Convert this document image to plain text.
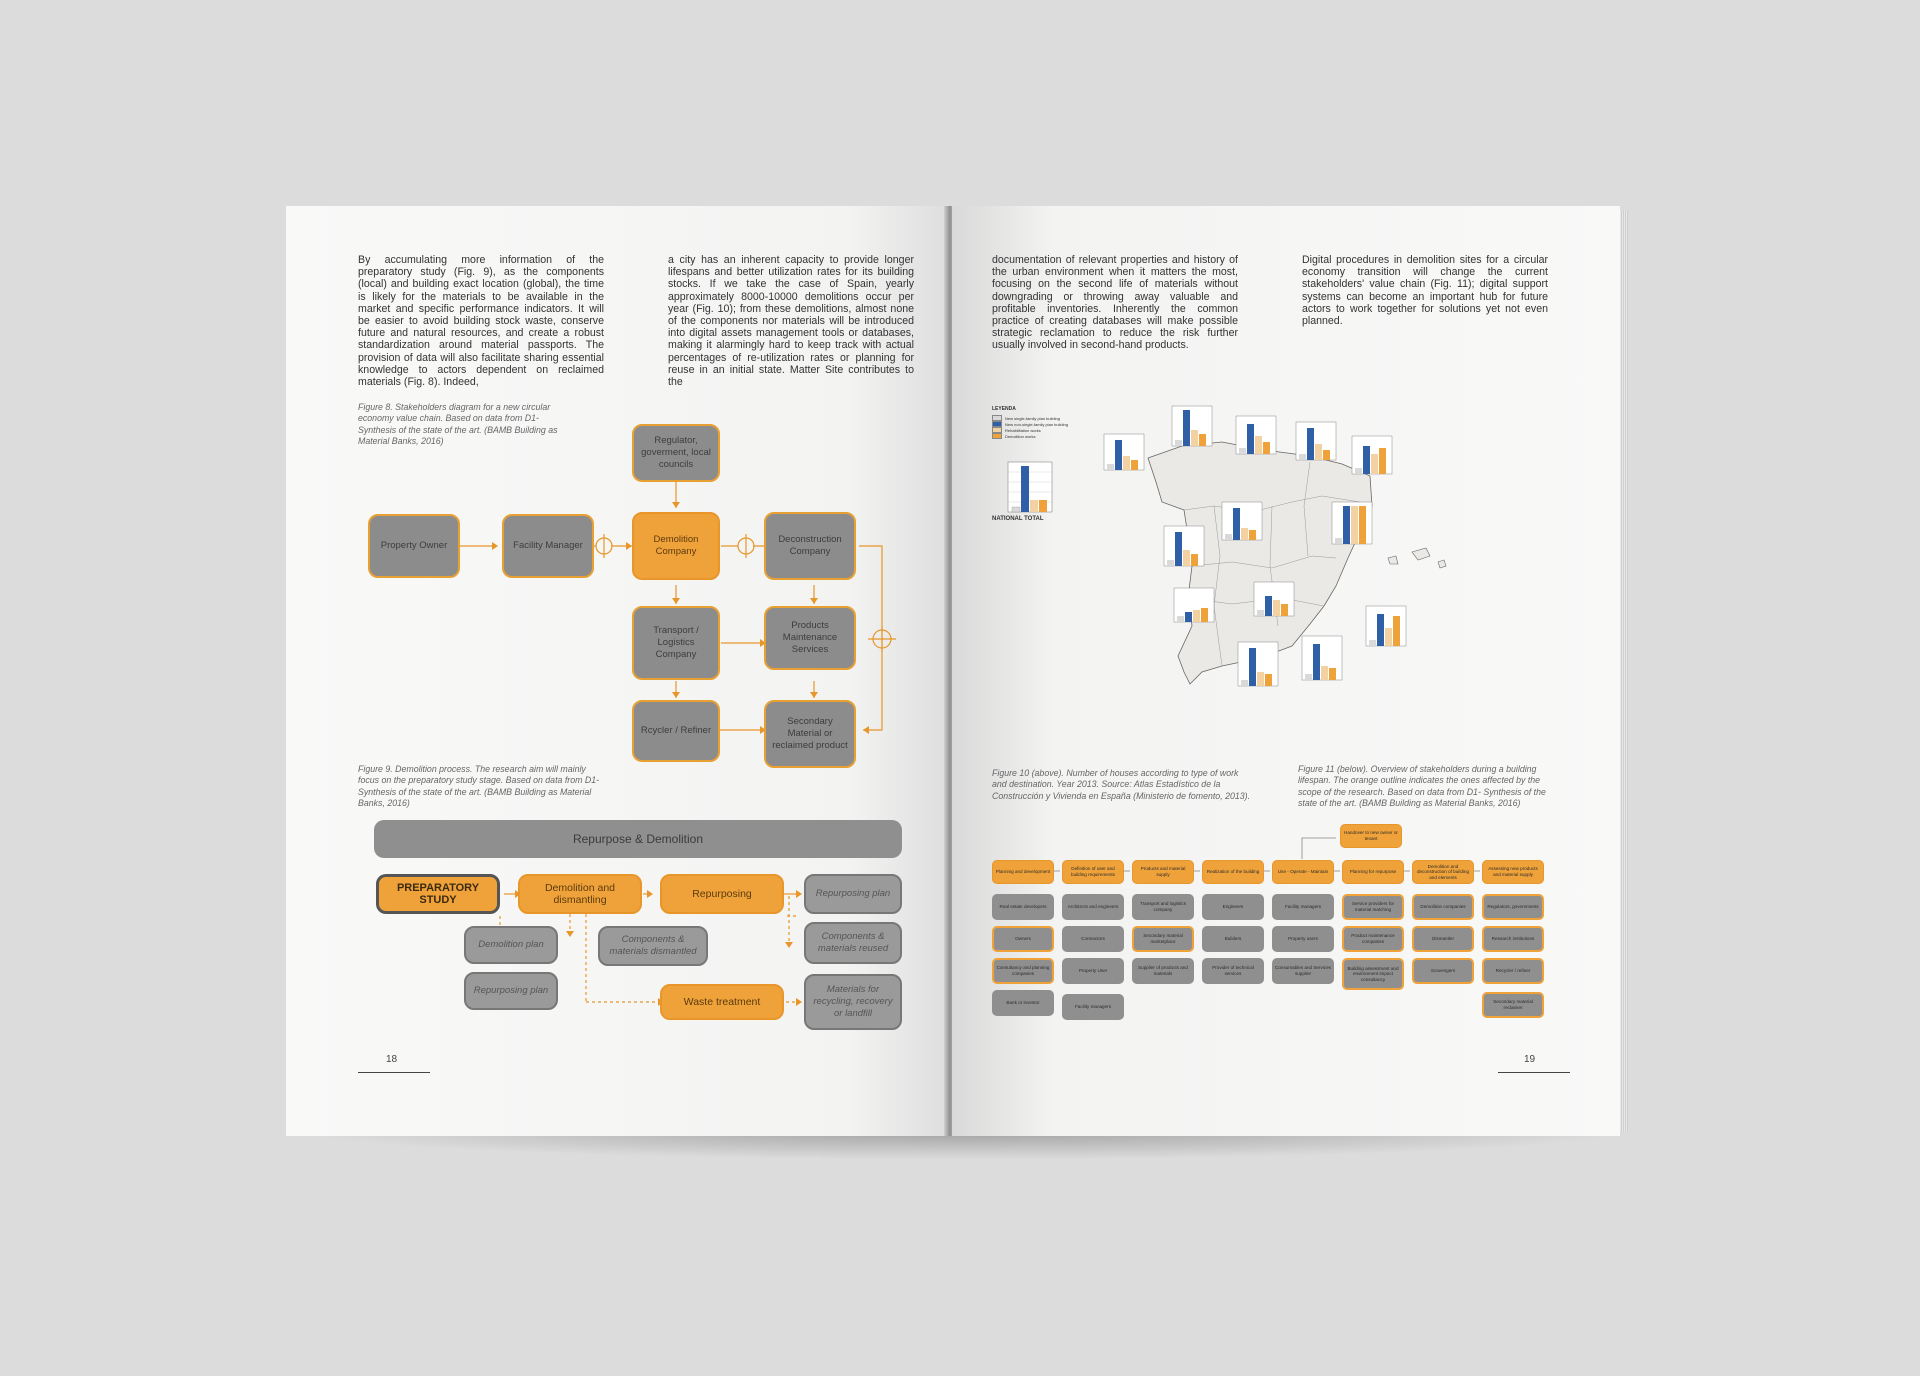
By accumulating more information of the preparatory study (Fig. 9), as the components (local) and building exact location (global), the time is likely for the materials to be available in the market and specific performance indicators. It will be easier to avoid building stock waste, conserve future and natural resources, and create a robust standardization around material passports. The provision of data will also facilitate sharing essential knowledge to actors dependent on reclaimed materials (Fig. 8). Indeed,
a city has an inherent capacity to provide longer lifespans and better utilization rates for its building stocks. If we take the case of Spain, yearly approximately 8000-10000 demolitions occur per year (Fig. 10); from these demolitions, almost none of the components nor materials will be introduced into digital assets management tools or databases, making it alarmingly hard to keep track with actual percentages of re-utilization rates or planning for reuse in an initial state. Matter Site contributes to the
Figure 8. Stakeholders diagram for a new circular economy value chain. Based on data from D1- Synthesis of the state of the art. (BAMB Building as Material Banks, 2016)	Regulator, goverment, local councils
Property Owner	Facility Manager
Demolition Company
Deconstruction Company
Transport / Logistics Company
Products Maintenance Services
Rcycler / Refiner
Secondary Material or reclaimed product
Figure 9. Demolition process. The research aim will mainly focus on the preparatory study stage. Based on data from D1- Synthesis of the state of the art. (BAMB Building as Material Banks, 2016)
Repurpose & Demolition
PREPARATORY STUDY
Demolition and dismantling	Repurposing	Repurposing plan
Demolition plan	Components & materials dismantled
Components & materials reused
Repurposing plan
Waste treatment
Materials for recycling, recovery or landfill
18
documentation of relevant properties and history of the urban environment when it matters the most, focusing on the second life of materials without downgrading or throwing away valuable and profitable inventories. Inherently the common practice of creating databases will make possible strategic reclamation to reduce the risk further usually involved in second-hand products.
Digital procedures in demolition sites for a circular economy transition will change the current stakeholders' value chain (Fig. 11); digital support systems can become an important hub for future actors to work together for solutions yet not even planned.
LEYENDA
New single-family plan building
New non-single-family plan building
Rehabilitation works
Demolition works
NATIONAL TOTAL
Figure 10 (above). Number of houses according to type of work and destination. Year 2013. Source: Atlas Estadístico de la Construcción y Vivienda en España (Ministerio de fomento, 2013).
Figure 11 (below). Overview of stakeholders during a building lifespan. The orange outline indicates the ones affected by the scope of the research. Based on data from D1- Synthesis of the state of the art. (BAMB Building as Material Banks, 2016)
Handover to new owner or tenant
Planning and development
Definition of user and building requirements
Products and material supply
Realization of the building	Use - Operate - Maintain	Planning for repurpose
Demolition and deconstruction of building and elements
Assessing new products and material supply
Real estate developers
Owners
Consultancy and planning companies
Bank or investor
Architects and engineers
Contractors
Property User
Facility managers
Transport and logistics company
Secondary material marketplace
Supplier of products and materials
Engineers
Builders
Provider of technical services
Facility managers
Property users
Consumables and Services supplier
Service providers for material matching
Product maintenance companies
Building assessment and environment impact consultancy
Demolition companies
Dismantler
Scavengers
Regulators, governments
Research institutions
Recycler / refiner
Secondary material reclaimer
19
